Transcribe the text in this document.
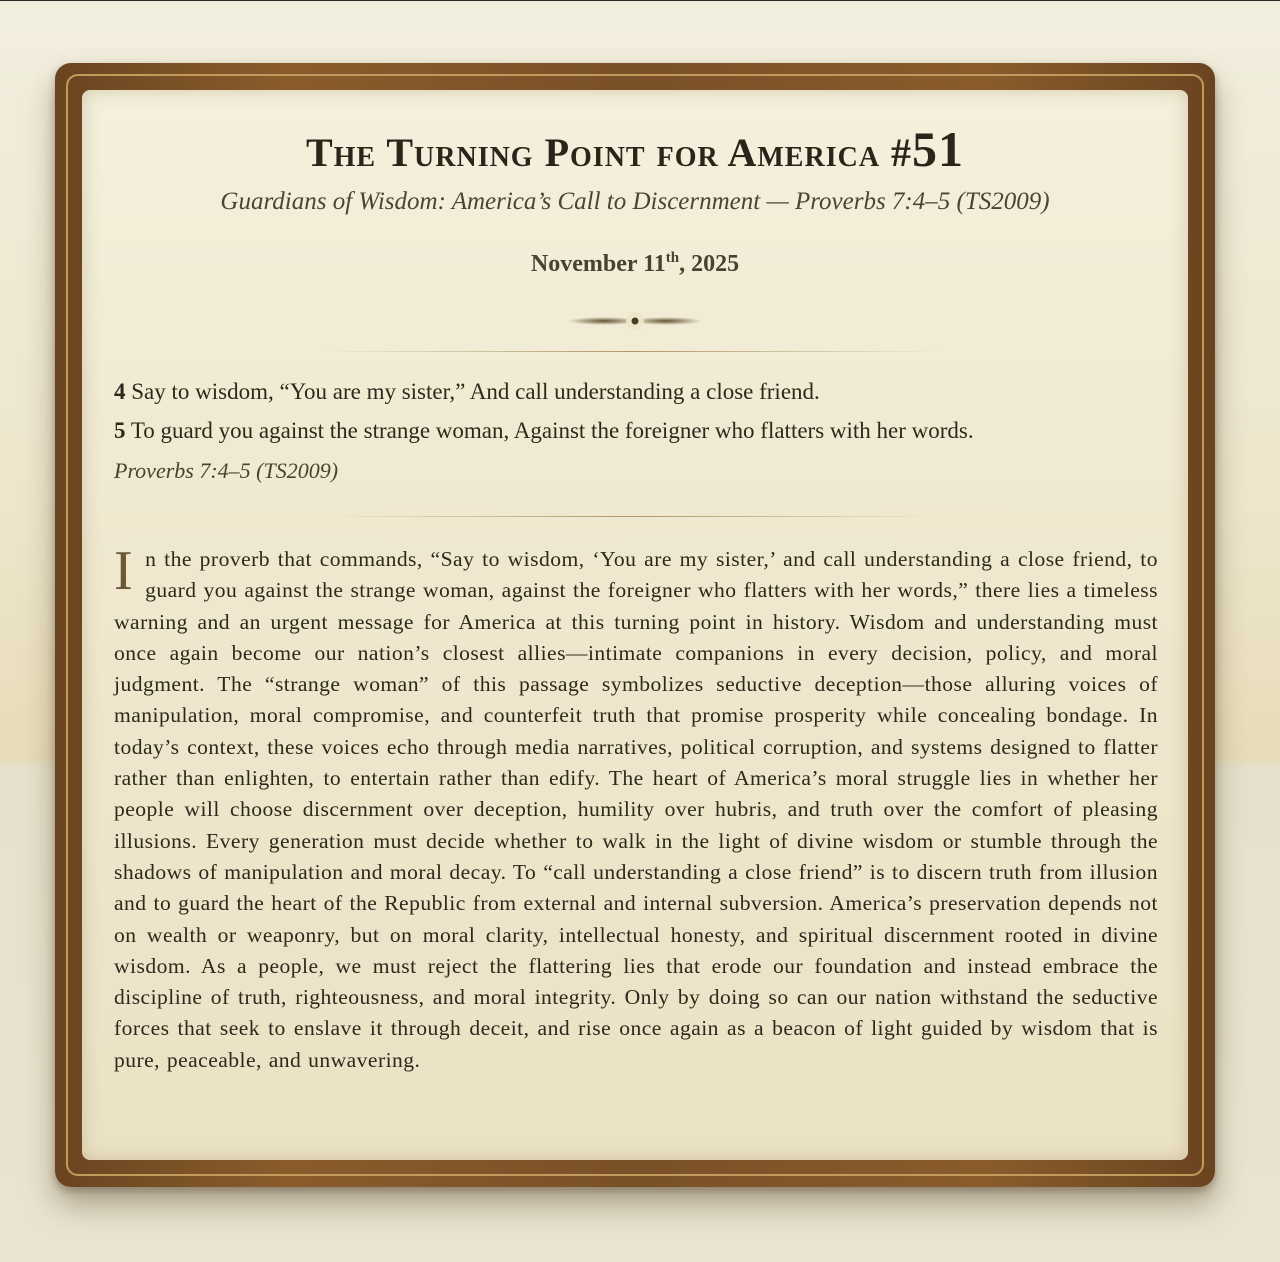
The Turning Point for America #51
Guardians of Wisdom: America’s Call to Discernment — Proverbs 7:4–5 (TS2009)
November 11th, 2025
4 Say to wisdom, “You are my sister,” And call understanding a close friend.
5 To guard you against the strange woman, Against the foreigner who flatters with her words.
Proverbs 7:4–5 (TS2009)
In the proverb that commands, “Say to wisdom, ‘You are my sister,’ and call understanding a close friend, to guard you against the strange woman, against the foreigner who flatters with her words,” there lies a timeless warning and an urgent message for America at this turning point in history. Wisdom and understanding must once again become our nation’s closest allies—intimate companions in every decision, policy, and moral judgment. The “strange woman” of this passage symbolizes seductive deception—those alluring voices of manipulation, moral compromise, and counterfeit truth that promise prosperity while concealing bondage. In today’s context, these voices echo through media narratives, political corruption, and systems designed to flatter rather than enlighten, to entertain rather than edify. The heart of America’s moral struggle lies in whether her people will choose discernment over deception, humility over hubris, and truth over the comfort of pleasing illusions. Every generation must decide whether to walk in the light of divine wisdom or stumble through the shadows of manipulation and moral decay. To “call understanding a close friend” is to discern truth from illusion and to guard the heart of the Republic from external and internal subversion. America’s preservation depends not on wealth or weaponry, but on moral clarity, intellectual honesty, and spiritual discernment rooted in divine wisdom. As a people, we must reject the flattering lies that erode our foundation and instead embrace the discipline of truth, righteousness, and moral integrity. Only by doing so can our nation withstand the seductive forces that seek to enslave it through deceit, and rise once again as a beacon of light guided by wisdom that is pure, peaceable, and unwavering.
